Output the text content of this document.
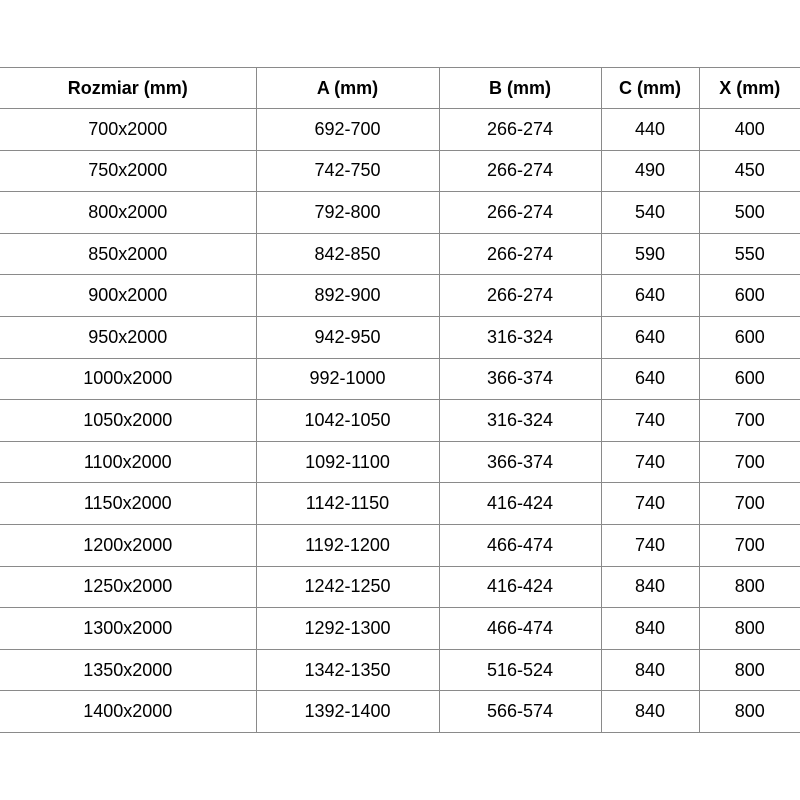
Rozmiar (mm)	A (mm)	B (mm)	C (mm)	X (mm)
700x2000	692-700	266-274	440	400
750x2000	742-750	266-274	490	450
800x2000	792-800	266-274	540	500
850x2000	842-850	266-274	590	550
900x2000	892-900	266-274	640	600
950x2000	942-950	316-324	640	600
1000x2000	992-1000	366-374	640	600
1050x2000	1042-1050	316-324	740	700
1100x2000	1092-1100	366-374	740	700
1150x2000	1142-1150	416-424	740	700
1200x2000	1192-1200	466-474	740	700
1250x2000	1242-1250	416-424	840	800
1300x2000	1292-1300	466-474	840	800
1350x2000	1342-1350	516-524	840	800
1400x2000	1392-1400	566-574	840	800
